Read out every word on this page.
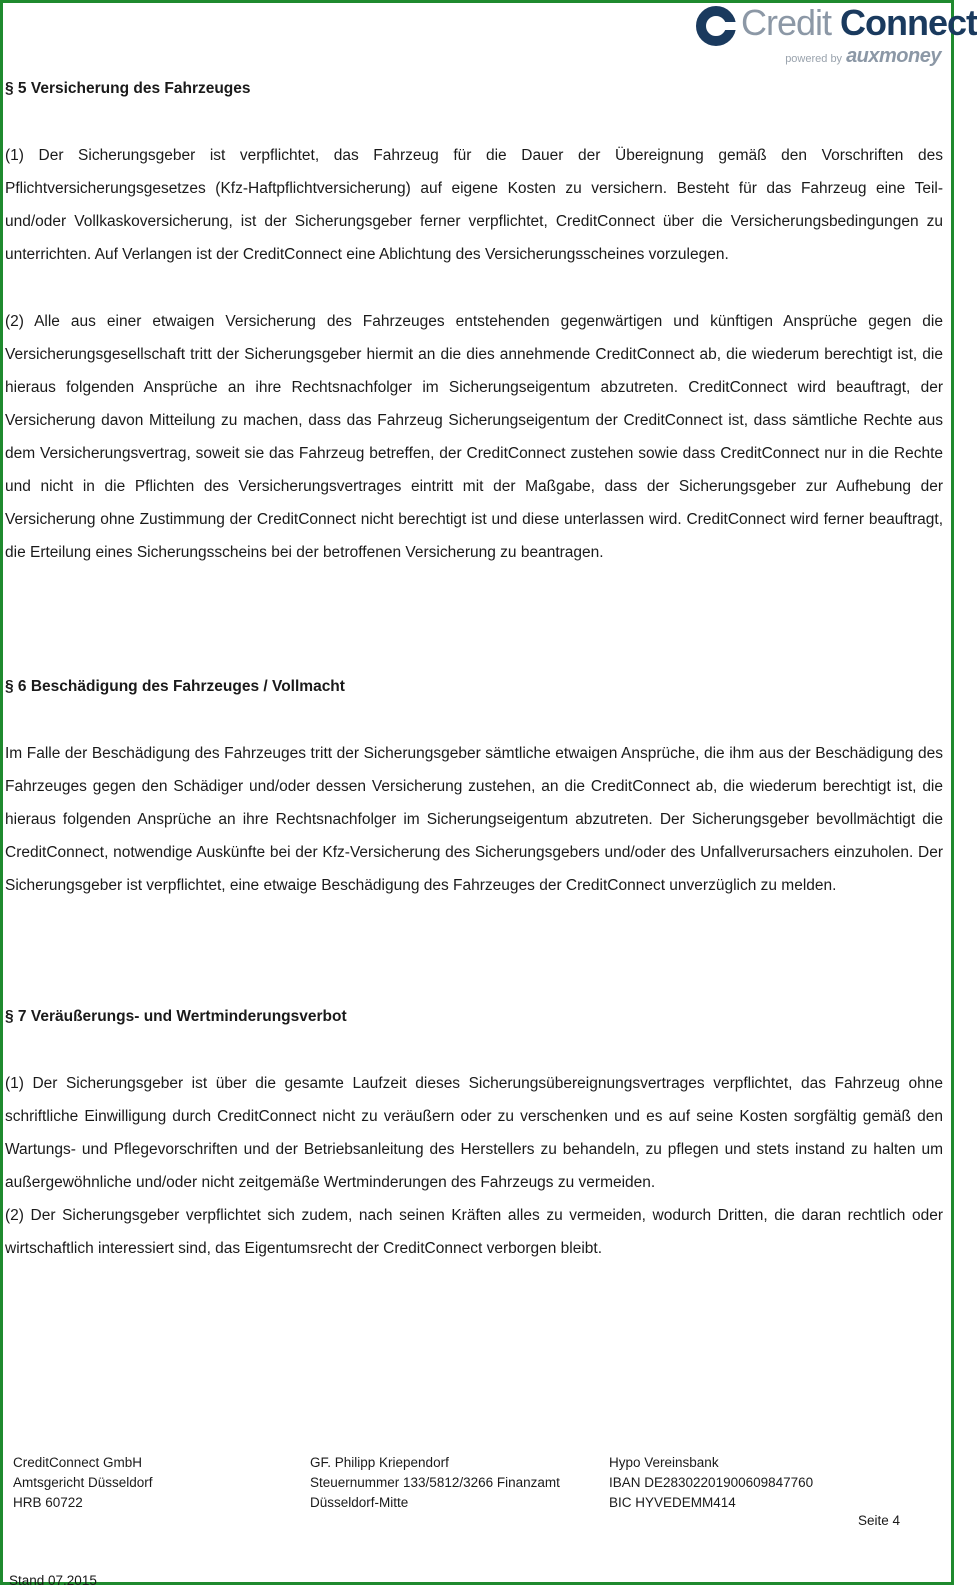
Credit Connect
powered by auxmoney
§ 5 Versicherung des Fahrzeuges

(1) Der Sicherungsgeber ist verpflichtet, das Fahrzeug für die Dauer der Übereignung gemäß den Vorschriften des Pflichtversicherungsgesetzes (Kfz-Haftpflichtversicherung) auf eigene Kosten zu versichern. Besteht für das Fahrzeug eine Teil- und/oder Vollkaskoversicherung, ist der Sicherungsgeber ferner verpflichtet, CreditConnect über die Versicherungsbedingungen zu unterrichten. Auf Verlangen ist der CreditConnect eine Ablichtung des Versicherungsscheines vorzulegen.

(2) Alle aus einer etwaigen Versicherung des Fahrzeuges entstehenden gegenwärtigen und künftigen Ansprüche gegen die Versicherungsgesellschaft tritt der Sicherungsgeber hiermit an die dies annehmende CreditConnect ab, die wiederum berechtigt ist, die hieraus folgenden Ansprüche an ihre Rechtsnachfolger im Sicherungseigentum abzutreten. CreditConnect wird beauftragt, der Versicherung davon Mitteilung zu machen, dass das Fahrzeug Sicherungseigentum der CreditConnect ist, dass sämtliche Rechte aus dem Versicherungsvertrag, soweit sie das Fahrzeug betreffen, der CreditConnect zustehen sowie dass CreditConnect nur in die Rechte und nicht in die Pflichten des Versicherungsvertrages eintritt mit der Maßgabe, dass der Sicherungsgeber zur Aufhebung der Versicherung ohne Zustimmung der CreditConnect nicht berechtigt ist und diese unterlassen wird. CreditConnect wird ferner beauftragt, die Erteilung eines Sicherungsscheins bei der betroffenen Versicherung zu beantragen.

§ 6 Beschädigung des Fahrzeuges / Vollmacht

Im Falle der Beschädigung des Fahrzeuges tritt der Sicherungsgeber sämtliche etwaigen Ansprüche, die ihm aus der Beschädigung des Fahrzeuges gegen den Schädiger und/oder dessen Versicherung zustehen, an die CreditConnect ab, die wiederum berechtigt ist, die hieraus folgenden Ansprüche an ihre Rechtsnachfolger im Sicherungseigentum abzutreten. Der Sicherungsgeber bevollmächtigt die CreditConnect, notwendige Auskünfte bei der Kfz-Versicherung des Sicherungsgebers und/oder des Unfallverursachers einzuholen. Der Sicherungsgeber ist verpflichtet, eine etwaige Beschädigung des Fahrzeuges der CreditConnect unverzüglich zu melden.

§ 7 Veräußerungs- und Wertminderungsverbot

(1) Der Sicherungsgeber ist über die gesamte Laufzeit dieses Sicherungsübereignungsvertrages verpflichtet, das Fahrzeug ohne schriftliche Einwilligung durch CreditConnect nicht zu veräußern oder zu verschenken und es auf seine Kosten sorgfältig gemäß den Wartungs- und Pflegevorschriften und der Betriebsanleitung des Herstellers zu behandeln, zu pflegen und stets instand zu halten um außergewöhnliche und/oder nicht zeitgemäße Wertminderungen des Fahrzeugs zu vermeiden.

(2) Der Sicherungsgeber verpflichtet sich zudem, nach seinen Kräften alles zu vermeiden, wodurch Dritten, die daran rechtlich oder wirtschaftlich interessiert sind, das Eigentumsrecht der CreditConnect verborgen bleibt.

CreditConnect GmbH
Amtsgericht Düsseldorf
HRB 60722
GF. Philipp Kriependorf
Steuernummer 133/5812/3266 Finanzamt
Düsseldorf-Mitte
Hypo Vereinsbank
IBAN DE28302201900609847760
BIC HYVEDEMM414
Seite 4
Stand 07.2015
